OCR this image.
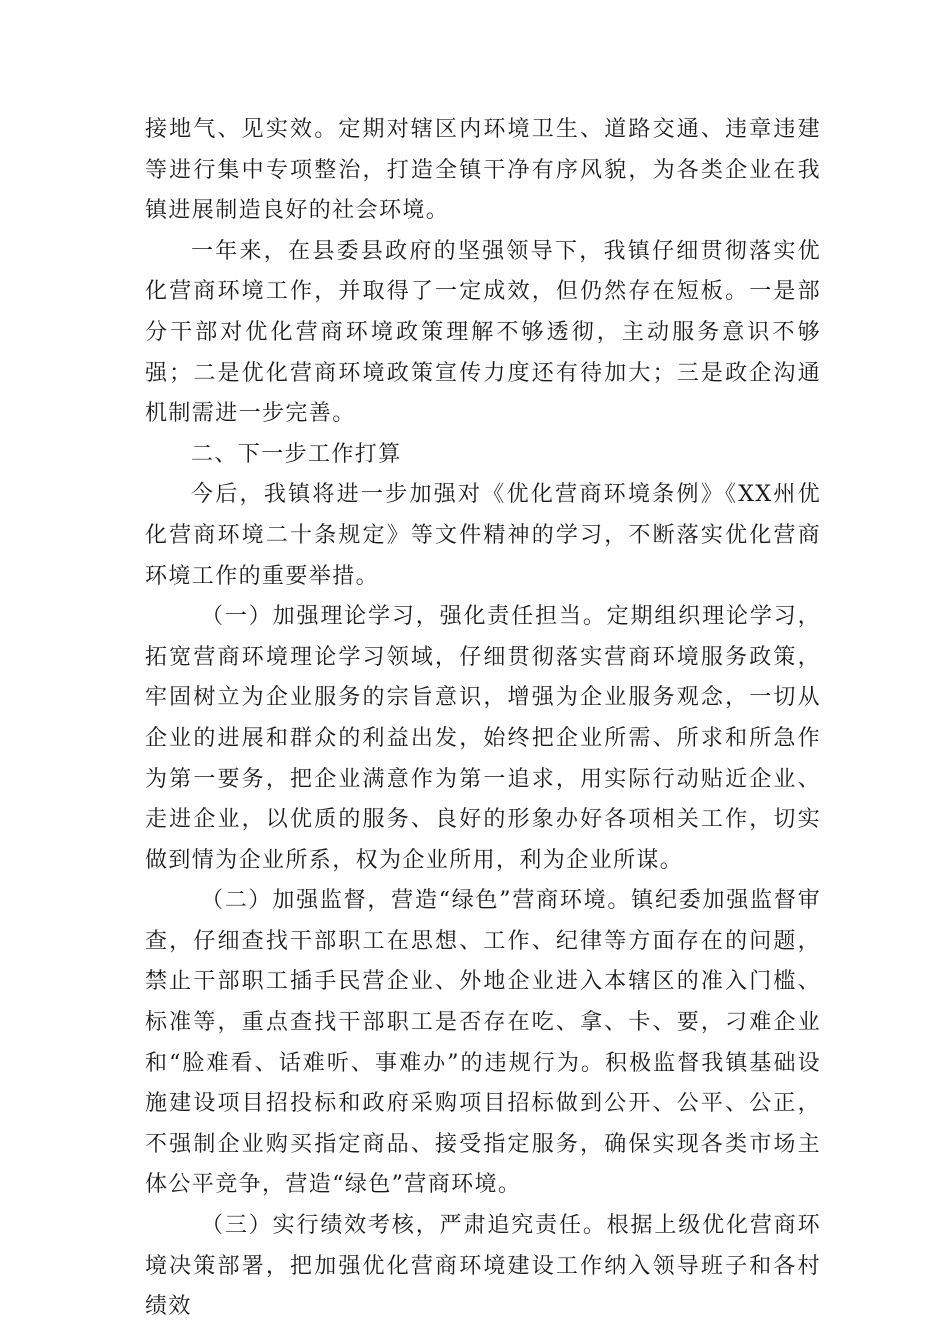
接地气、见实效。定期对辖区内环境卫生、道路交通、违章违建等进行集中专项整治，打造全镇干净有序风貌，为各类企业在我镇进展制造良好的社会环境。

一年来，在县委县政府的坚强领导下，我镇仔细贯彻落实优化营商环境工作，并取得了一定成效，但仍然存在短板。一是部分干部对优化营商环境政策理解不够透彻，主动服务意识不够强；二是优化营商环境政策宣传力度还有待加大；三是政企沟通机制需进一步完善。

二、下一步工作打算

今后，我镇将进一步加强对《优化营商环境条例》《XX州优化营商环境二十条规定》等文件精神的学习，不断落实优化营商环境工作的重要举措。

（一）加强理论学习，强化责任担当。定期组织理论学习，拓宽营商环境理论学习领域，仔细贯彻落实营商环境服务政策，牢固树立为企业服务的宗旨意识，增强为企业服务观念，一切从企业的进展和群众的利益出发，始终把企业所需、所求和所急作为第一要务，把企业满意作为第一追求，用实际行动贴近企业、走进企业，以优质的服务、良好的形象办好各项相关工作，切实做到情为企业所系，权为企业所用，利为企业所谋。

（二）加强监督，营造“绿色”营商环境。镇纪委加强监督审查，仔细查找干部职工在思想、工作、纪律等方面存在的问题，禁止干部职工插手民营企业、外地企业进入本辖区的准入门槛、标准等，重点查找干部职工是否存在吃、拿、卡、要，刁难企业和“脸难看、话难听、事难办”的违规行为。积极监督我镇基础设施建设项目招投标和政府采购项目招标做到公开、公平、公正，不强制企业购买指定商品、接受指定服务，确保实现各类市场主体公平竞争，营造“绿色”营商环境。

（三）实行绩效考核，严肃追究责任。根据上级优化营商环境决策部署，把加强优化营商环境建设工作纳入领导班子和各村绩效
